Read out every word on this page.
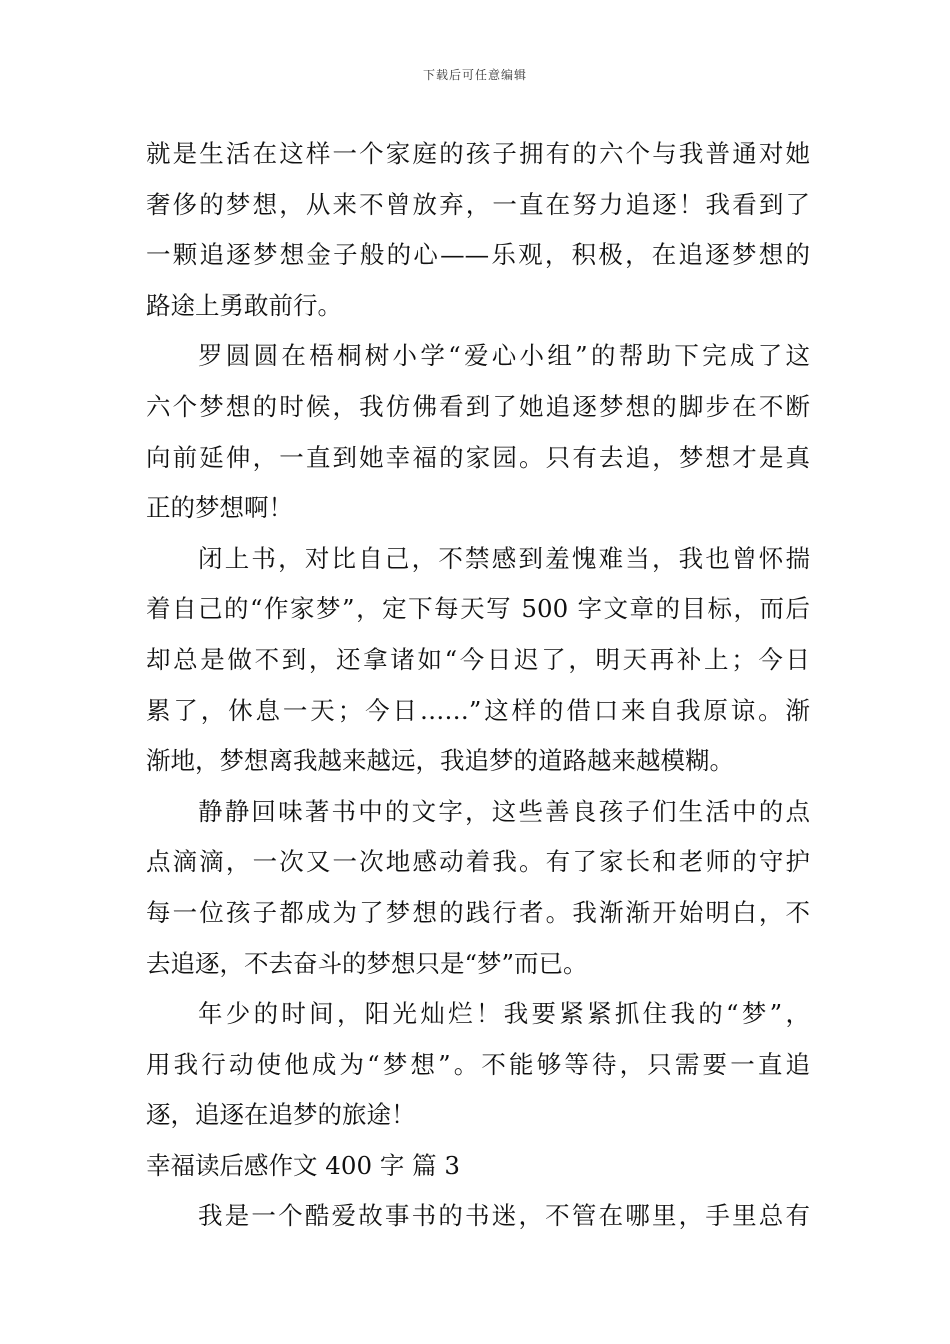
下载后可任意编辑
就是生活在这样一个家庭的孩子拥有的六个与我普通对她
奢侈的梦想，从来不曾放弃，一直在努力追逐！我看到了
一颗追逐梦想金子般的心——乐观，积极，在追逐梦想的
路途上勇敢前行。
罗圆圆在梧桐树小学“爱心小组”的帮助下完成了这
六个梦想的时候，我仿佛看到了她追逐梦想的脚步在不断
向前延伸，一直到她幸福的家园。只有去追，梦想才是真
正的梦想啊！
闭上书，对比自己，不禁感到羞愧难当，我也曾怀揣
着自己的“作家梦”，定下每天写 500 字文章的目标，而后
却总是做不到，还拿诸如“今日迟了，明天再补上；今日
累了，休息一天；今日……”这样的借口来自我原谅。渐
渐地，梦想离我越来越远，我追梦的道路越来越模糊。
静静回味著书中的文字，这些善良孩子们生活中的点
点滴滴，一次又一次地感动着我。有了家长和老师的守护
每一位孩子都成为了梦想的践行者。我渐渐开始明白，不
去追逐，不去奋斗的梦想只是“梦”而已。
年少的时间，阳光灿烂！我要紧紧抓住我的“梦”，
用我行动使他成为“梦想”。不能够等待，只需要一直追
逐，追逐在追梦的旅途！
幸福读后感作文 400 字 篇 3
我是一个酷爱故事书的书迷，不管在哪里，手里总有
